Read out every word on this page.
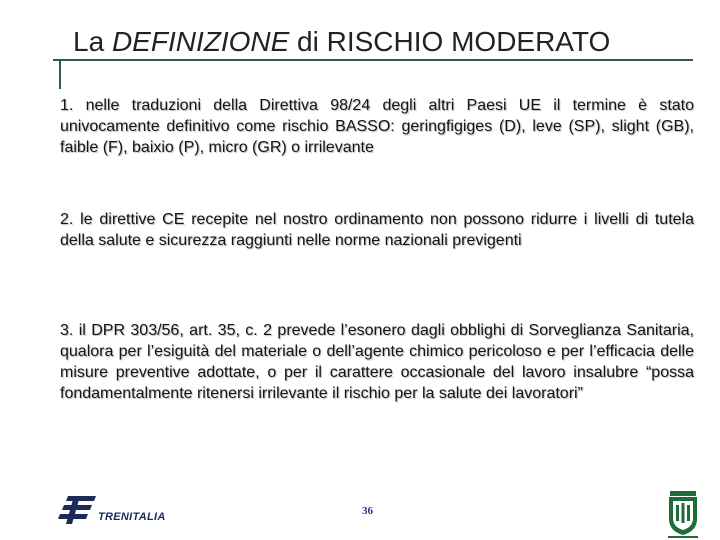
La DEFINIZIONE di RISCHIO MODERATO
1. nelle traduzioni della Direttiva 98/24 degli altri Paesi UE il termine è stato univocamente definitivo come rischio BASSO: geringfigiges (D), leve (SP), slight (GB), faible (F), baixio (P), micro (GR) o irrilevante
2. le direttive CE recepite nel nostro ordinamento non possono ridurre i livelli di tutela della salute e sicurezza raggiunti nelle norme nazionali previgenti
3. il DPR 303/56, art. 35, c. 2 prevede l’esonero dagli obblighi di Sorveglianza Sanitaria, qualora per l’esiguità del materiale o dell’agente chimico pericoloso e per l’efficacia delle misure preventive adottate, o per il carattere occasionale del lavoro insalubre “possa fondamentalmente ritenersi irrilevante il rischio per la salute dei lavoratori”
TRENITALIA	36
